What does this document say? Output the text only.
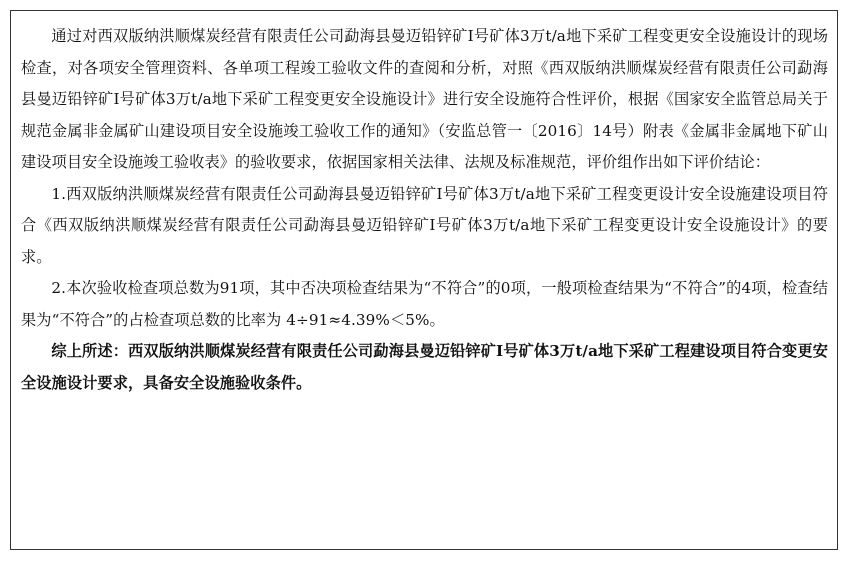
通过对西双版纳洪顺煤炭经营有限责任公司勐海县曼迈铅锌矿Ⅰ号矿体3万t/a地下采矿工程变更安全设施设计的现场检查，对各项安全管理资料、各单项工程竣工验收文件的查阅和分析，对照《西双版纳洪顺煤炭经营有限责任公司勐海县曼迈铅锌矿Ⅰ号矿体3万t/a地下采矿工程变更安全设施设计》进行安全设施符合性评价，根据《国家安全监管总局关于规范金属非金属矿山建设项目安全设施竣工验收工作的通知》（安监总管一〔2016〕14号）附表《金属非金属地下矿山建设项目安全设施竣工验收表》的验收要求，依据国家相关法律、法规及标准规范，评价组作出如下评价结论：

1.西双版纳洪顺煤炭经营有限责任公司勐海县曼迈铅锌矿Ⅰ号矿体3万t/a地下采矿工程变更设计安全设施建设项目符合《西双版纳洪顺煤炭经营有限责任公司勐海县曼迈铅锌矿Ⅰ号矿体3万t/a地下采矿工程变更设计安全设施设计》的要求。

2.本次验收检查项总数为91项，其中否决项检查结果为“不符合”的0项，一般项检查结果为“不符合”的4项，检查结果为“不符合”的占检查项总数的比率为 4÷91≈4.39%＜5%。

综上所述：西双版纳洪顺煤炭经营有限责任公司勐海县曼迈铅锌矿Ⅰ号矿体3万t/a地下采矿工程建设项目符合变更安全设施设计要求，具备安全设施验收条件。
